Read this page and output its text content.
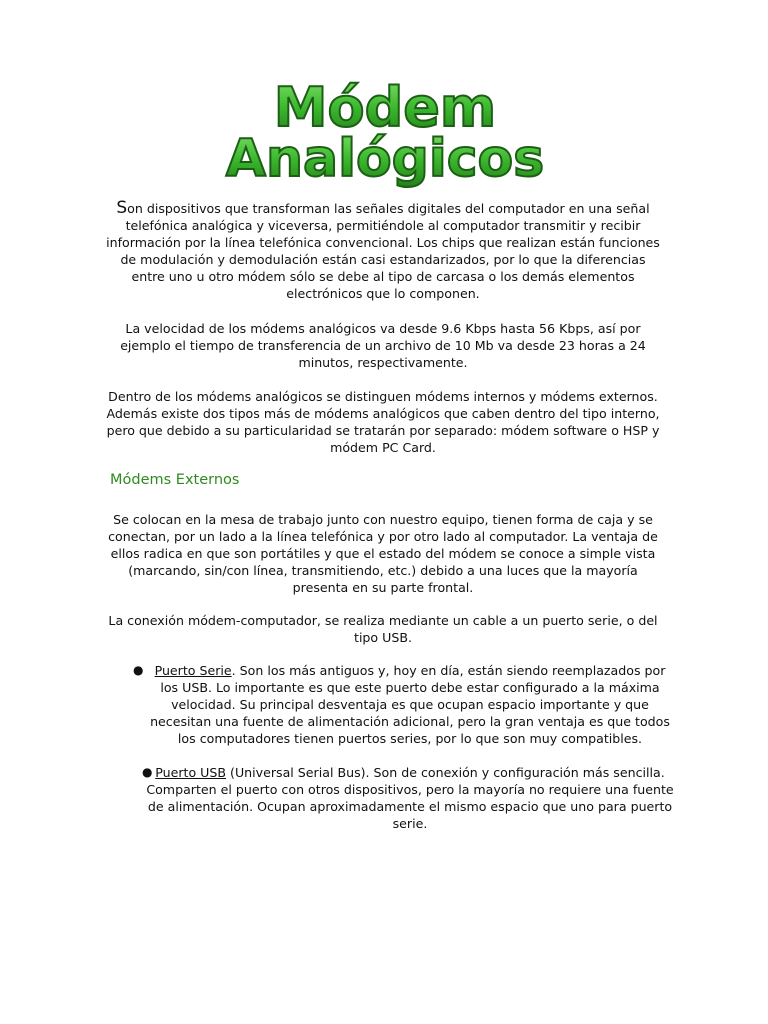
Módem
Analógicos

Son dispositivos que transforman las señales digitales del computador en una señal telefónica analógica y viceversa, permitiéndole al computador transmitir y recibir información por la línea telefónica convencional. Los chips que realizan están funciones de modulación y demodulación están casi estandarizados, por lo que la diferencias entre uno u otro módem sólo se debe al tipo de carcasa o los demás elementos electrónicos que lo componen.

La velocidad de los módems analógicos va desde 9.6 Kbps hasta 56 Kbps, así por ejemplo el tiempo de transferencia de un archivo de 10 Mb va desde 23 horas a 24 minutos, respectivamente.

Dentro de los módems analógicos se distinguen módems internos y módems externos. Además existe dos tipos más de módems analógicos que caben dentro del tipo interno, pero que debido a su particularidad se tratarán por separado: módem software o HSP y módem PC Card.

Módems Externos

Se colocan en la mesa de trabajo junto con nuestro equipo, tienen forma de caja y se conectan, por un lado a la línea telefónica y por otro lado al computador. La ventaja de ellos radica en que son portátiles y que el estado del módem se conoce a simple vista (marcando, sin/con línea, transmitiendo, etc.) debido a una luces que la mayoría presenta en su parte frontal.

La conexión módem-computador, se realiza mediante un cable a un puerto serie, o del tipo USB.

● Puerto Serie. Son los más antiguos y, hoy en día, están siendo reemplazados por los USB. Lo importante es que este puerto debe estar configurado a la máxima velocidad. Su principal desventaja es que ocupan espacio importante y que necesitan una fuente de alimentación adicional, pero la gran ventaja es que todos los computadores tienen puertos series, por lo que son muy compatibles.

● Puerto USB (Universal Serial Bus). Son de conexión y configuración más sencilla. Comparten el puerto con otros dispositivos, pero la mayoría no requiere una fuente de alimentación. Ocupan aproximadamente el mismo espacio que uno para puerto serie.
